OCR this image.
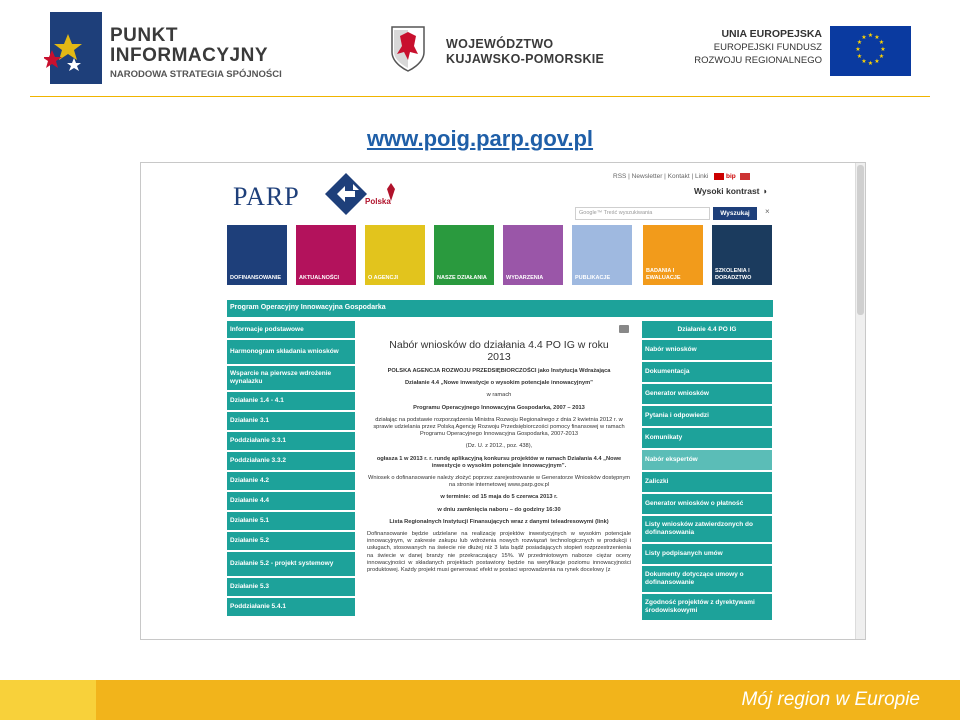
PUNKT
INFORMACYJNY
NARODOWA STRATEGIA SPÓJNOŚCI
WOJEWÓDZTWO
KUJAWSKO-POMORSKIE
UNIA EUROPEJSKA
EUROPEJSKI FUNDUSZ
ROZWOJU REGIONALNEGO
★ ★
★
★
★
★
★
★
★
★
★
★
www.poig.parp.gov.pl
PARP	Polska
RSS | Newsletter | Kontakt | Linki	bip
Wysoki kontrast ◑
Google™ Treść wyszukiwania	Wyszukaj	×
DOFINANSOWANIE	AKTUALNOŚCI	O AGENCJI	NASZE DZIAŁANIA	WYDARZENIA	PUBLIKACJE
BADANIA I EWALUACJE
SZKOLENIA I DORADZTWO
Program Operacyjny Innowacyjna Gospodarka
Informacje podstawowe
Harmonogram składania wniosków
Wsparcie na pierwsze wdrożenie wynalazku
Działanie 1.4 - 4.1
Działanie 3.1
Poddziałanie 3.3.1
Poddziałanie 3.3.2
Działanie 4.2
Działanie 4.4
Działanie 5.1
Działanie 5.2
Działanie 5.2 - projekt systemowy
Działanie 5.3
Poddziałanie 5.4.1
Działanie 4.4 PO IG
Nabór wniosków
Dokumentacja
Generator wniosków
Pytania i odpowiedzi
Komunikaty
Nabór ekspertów
Zaliczki
Generator wniosków o płatność
Listy wniosków zatwierdzonych do dofinansowania
Listy podpisanych umów
Dokumenty dotyczące umowy o dofinansowanie
Zgodność projektów z dyrektywami środowiskowymi
Nabór wniosków do działania 4.4 PO IG w roku 2013
POLSKA AGENCJA ROZWOJU PRZEDSIĘBIORCZOŚCI jako Instytucja Wdrażająca
Działanie 4.4 „Nowe inwestycje o wysokim potencjale innowacyjnym”
w ramach
Programu Operacyjnego Innowacyjna Gospodarka, 2007 – 2013
działając na podstawie rozporządzenia Ministra Rozwoju Regionalnego z dnia 2 kwietnia 2012 r. w sprawie udzielania przez Polską Agencję Rozwoju Przedsiębiorczości pomocy finansowej w ramach Programu Operacyjnego Innowacyjna Gospodarka, 2007-2013
(Dz. U. z 2012., poz. 438),
ogłasza 1 w 2013 r. r. rundę aplikacyjną konkursu projektów w ramach Działania 4.4 „Nowe inwestycje o wysokim potencjale innowacyjnym”.
Wniosek o dofinansowanie należy złożyć poprzez zarejestrowanie w Generatorze Wniosków dostępnym na stronie internetowej www.parp.gov.pl
w terminie: od 15 maja do 5 czerwca 2013 r.
w dniu zamknięcia naboru – do godziny 16:30
Lista Regionalnych Instytucji Finansujących wraz z danymi teleadresowymi (link)
Dofinansowanie będzie udzielane na realizację projektów inwestycyjnych w wysokim potencjale innowacyjnym, w zakresie zakupu lub wdrożenia nowych rozwiązań technologicznych w produkcji i usługach, stosowanych na świecie nie dłużej niż 3 lata bądź posiadających stopień rozprzestrzenienia na świecie w danej branży nie przekraczający 15%. W przedmiotowym naborze ciężar oceny innowacyjności w składanych projektach postawiony będzie na weryfikacje poziomu innowacyjności produktowej. Każdy projekt musi generować efekt w postaci wprowadzenia na rynek docelowy (z
Mój region w Europie
